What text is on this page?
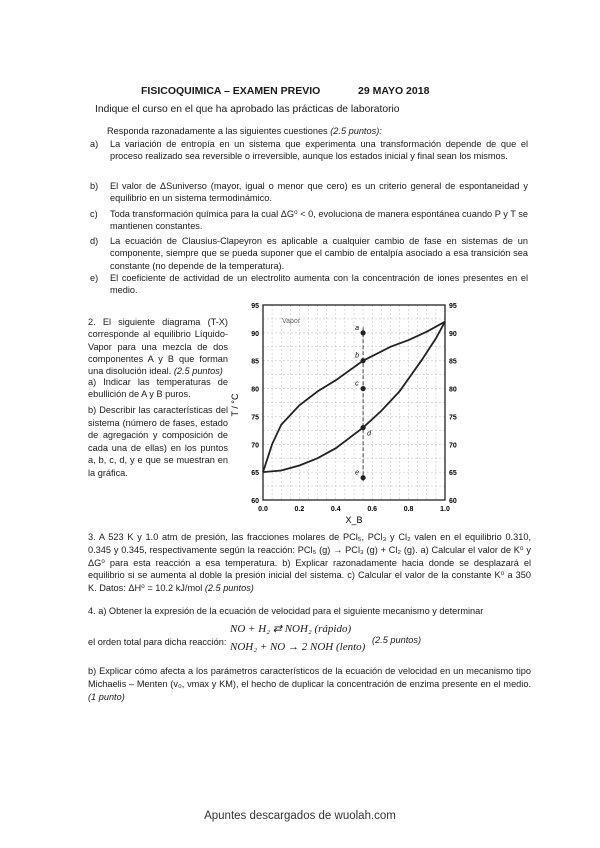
FISICOQUIMICA – EXAMEN PREVIO	29 MAYO 2018
Indique el curso en el que ha aprobado las prácticas de laboratorio
Responda razonadamente a las siguientes cuestiones (2.5 puntos):
a) La variación de entropía en un sistema que experimenta una transformación depende de que el proceso realizado sea reversible o irreversible, aunque los estados inicial y final sean los mismos.
b) El valor de ΔSuniverso (mayor, igual o menor que cero) es un criterio general de espontaneidad y equilibrio en un sistema termodinámico.
c) Toda transformación química para la cual ΔG⁰ < 0, evoluciona de manera espontánea cuando P y T se mantienen constantes.
d) La ecuación de Clausius-Clapeyron es aplicable a cualquier cambio de fase en sistemas de un componente, siempre que se pueda suponer que el cambio de entalpía asociado a esa transición sea constante (no depende de la temperatura).
e) El coeficiente de actividad de un electrolito aumenta con la concentración de iones presentes en el medio.
2. El siguiente diagrama (T-X) corresponde al equilibrio Líquido-Vapor para una mezcla de dos componentes A y B que forman una disolución ideal. (2.5 puntos)
a) Indicar las temperaturas de ebullición de A y B puros.
b) Describir las características del sistema (número de fases, estado de agregación y composición de cada una de ellas) en los puntos a, b, c, d, y e que se muestran en la gráfica.
0.0	0.2	0.4	0.6	0.8	1.0
60	60
65	65
70	70
75	75
80	80
85	85
90	90
95	95
a
b
c
d
e
T / °C
X_B
Vapor
3. A 523 K y 1.0 atm de presión, las fracciones molares de PCl₅, PCl₃ y Cl₂ valen en el equilibrio 0.310, 0.345 y 0.345, respectivamente según la reacción: PCl₅ (g) → PCl₃ (g) + Cl₂ (g). a) Calcular el valor de K⁰ y ΔG⁰ para esta reacción a esa temperatura. b) Explicar razonadamente hacia donde se desplazará el equilibrio si se aumenta al doble la presión inicial del sistema. c) Calcular el valor de la constante K⁰ a 350 K. Datos: ΔH⁰ = 10.2 kJ/mol (2.5 puntos)
4. a) Obtener la expresión de la ecuación de velocidad para el siguiente mecanismo y determinar
el orden total para dicha reacción:
NO + H₂ ⇄ NOH₂ (rápido)
NOH₂ + NO → 2 NOH (lento)
(2.5 puntos)
b) Explicar cómo afecta a los parámetros característicos de la ecuación de velocidad en un mecanismo tipo Michaelis – Menten (v₀, vmax y KM), el hecho de duplicar la concentración de enzima presente en el medio. (1 punto)
Apuntes descargados de wuolah.com
